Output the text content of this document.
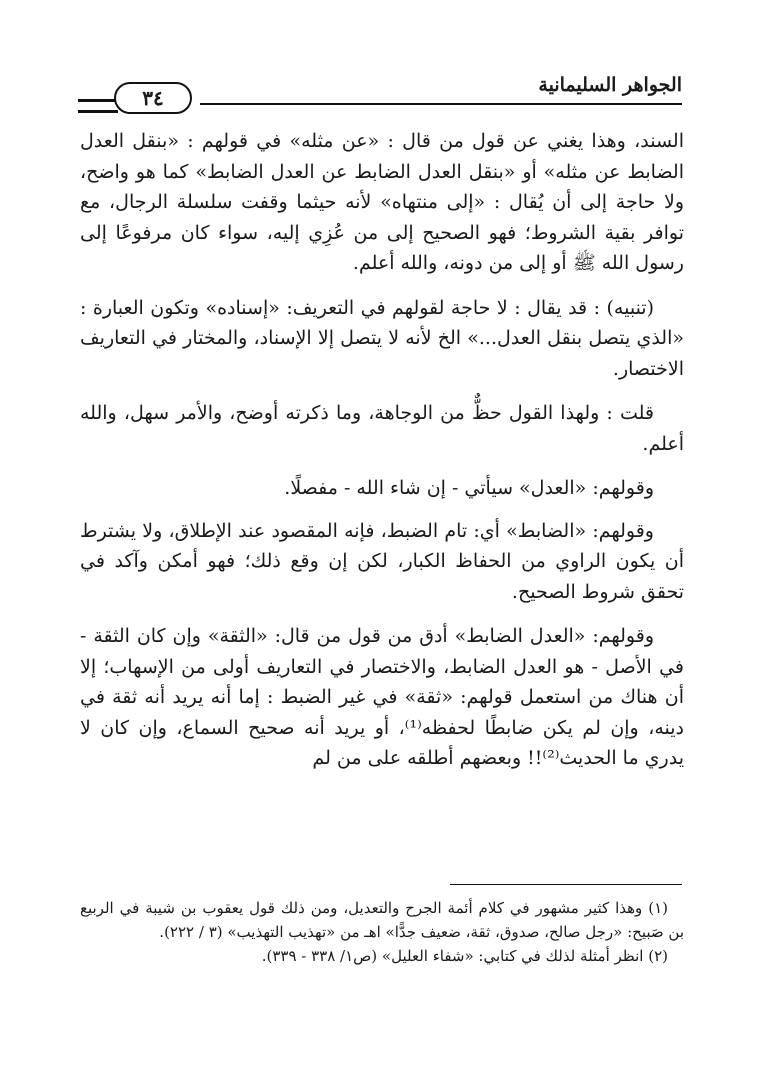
الجواهر السليمانية
٣٤

السند، وهذا يغني عن قول من قال : «عن مثله» في قولهم : «بنقل العدل الضابط عن مثله» أو «بنقل العدل الضابط عن العدل الضابط» كما هو واضح، ولا حاجة إلى أن يُقال : «إلى منتهاه» لأنه حيثما وقفت سلسلة الرجال، مع توافر بقية الشروط؛ فهو الصحيح إلى من عُزِي إليه، سواء كان مرفوعًا إلى رسول الله ﷺ أو إلى من دونه، والله أعلم.

(تنبيه) : قد يقال : لا حاجة لقولهم في التعريف: «إسناده» وتكون العبارة : «الذي يتصل بنقل العدل...» الخ لأنه لا يتصل إلا الإسناد، والمختار في التعاريف الاختصار.

قلت : ولهذا القول حظٌّ من الوجاهة، وما ذكرته أوضح، والأمر سهل، والله أعلم.

وقولهم: «العدل» سيأتي - إن شاء الله - مفصلًا.

وقولهم: «الضابط» أي: تام الضبط، فإنه المقصود عند الإطلاق، ولا يشترط أن يكون الراوي من الحفاظ الكبار، لكن إن وقع ذلك؛ فهو أمكن وآكد في تحقق شروط الصحيح.

وقولهم: «العدل الضابط» أدق من قول من قال: «الثقة» وإن كان الثقة - في الأصل - هو العدل الضابط، والاختصار في التعاريف أولى من الإسهاب؛ إلا أن هناك من استعمل قولهم: «ثقة» في غير الضبط : إما أنه يريد أنه ثقة في دينه، وإن لم يكن ضابطًا لحفظه⁽¹⁾، أو يريد أنه صحيح السماع، وإن كان لا يدري ما الحديث⁽²⁾!! وبعضهم أطلقه على من لم

(١) وهذا كثير مشهور في كلام أئمة الجرح والتعديل، ومن ذلك قول يعقوب بن شيبة في الربيع بن صَبيح: «رجل صالح، صدوق، ثقة، ضعيف جدًّا» اهـ من «تهذيب التهذيب» (٣ / ٢٢٢).

(٢) انظر أمثلة لذلك في كتابي: «شفاء العليل» (ص١/ ٣٣٨ - ٣٣٩).
